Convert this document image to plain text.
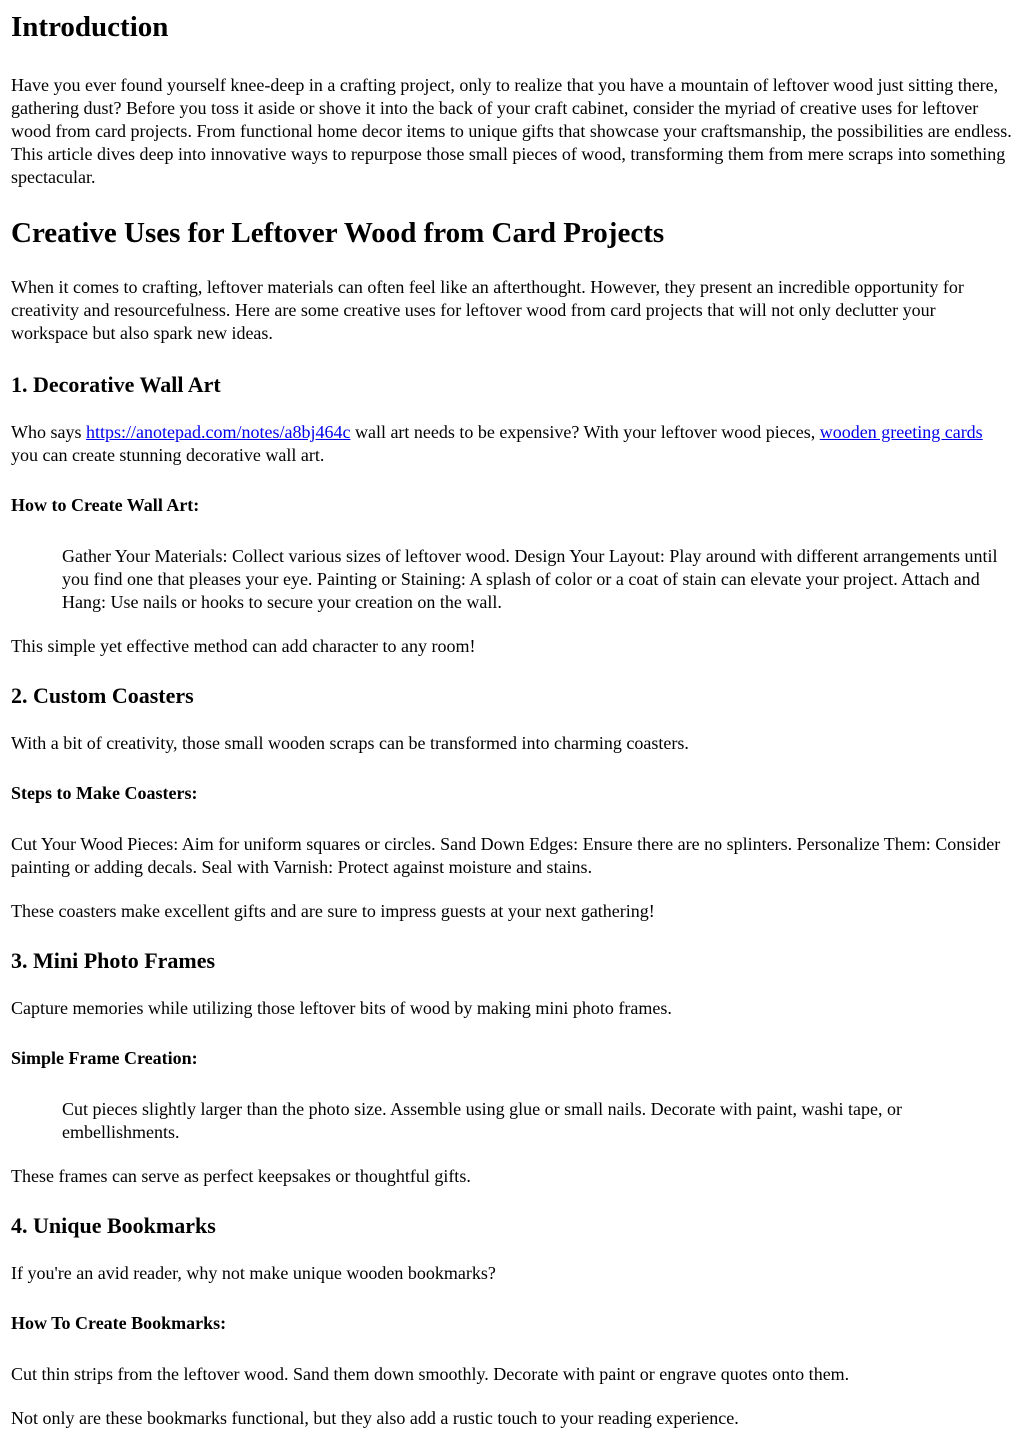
Introduction

Have you ever found yourself knee-deep in a crafting project, only to realize that you have a mountain of leftover wood just sitting there, gathering dust? Before you toss it aside or shove it into the back of your craft cabinet, consider the myriad of creative uses for leftover wood from card projects. From functional home decor items to unique gifts that showcase your craftsmanship, the possibilities are endless. This article dives deep into innovative ways to repurpose those small pieces of wood, transforming them from mere scraps into something spectacular.

Creative Uses for Leftover Wood from Card Projects

When it comes to crafting, leftover materials can often feel like an afterthought. However, they present an incredible opportunity for creativity and resourcefulness. Here are some creative uses for leftover wood from card projects that will not only declutter your workspace but also spark new ideas.

1. Decorative Wall Art

Who says https://anotepad.com/notes/a8bj464c wall art needs to be expensive? With your leftover wood pieces, wooden greeting cards you can create stunning decorative wall art.

How to Create Wall Art:

Gather Your Materials: Collect various sizes of leftover wood. Design Your Layout: Play around with different arrangements until you find one that pleases your eye. Painting or Staining: A splash of color or a coat of stain can elevate your project. Attach and Hang: Use nails or hooks to secure your creation on the wall.

This simple yet effective method can add character to any room!

2. Custom Coasters

With a bit of creativity, those small wooden scraps can be transformed into charming coasters.

Steps to Make Coasters:

Cut Your Wood Pieces: Aim for uniform squares or circles. Sand Down Edges: Ensure there are no splinters. Personalize Them: Consider painting or adding decals. Seal with Varnish: Protect against moisture and stains.

These coasters make excellent gifts and are sure to impress guests at your next gathering!

3. Mini Photo Frames

Capture memories while utilizing those leftover bits of wood by making mini photo frames.

Simple Frame Creation:

Cut pieces slightly larger than the photo size. Assemble using glue or small nails. Decorate with paint, washi tape, or embellishments.

These frames can serve as perfect keepsakes or thoughtful gifts.

4. Unique Bookmarks

If you're an avid reader, why not make unique wooden bookmarks?

How To Create Bookmarks:

Cut thin strips from the leftover wood. Sand them down smoothly. Decorate with paint or engrave quotes onto them.

Not only are these bookmarks functional, but they also add a rustic touch to your reading experience.
